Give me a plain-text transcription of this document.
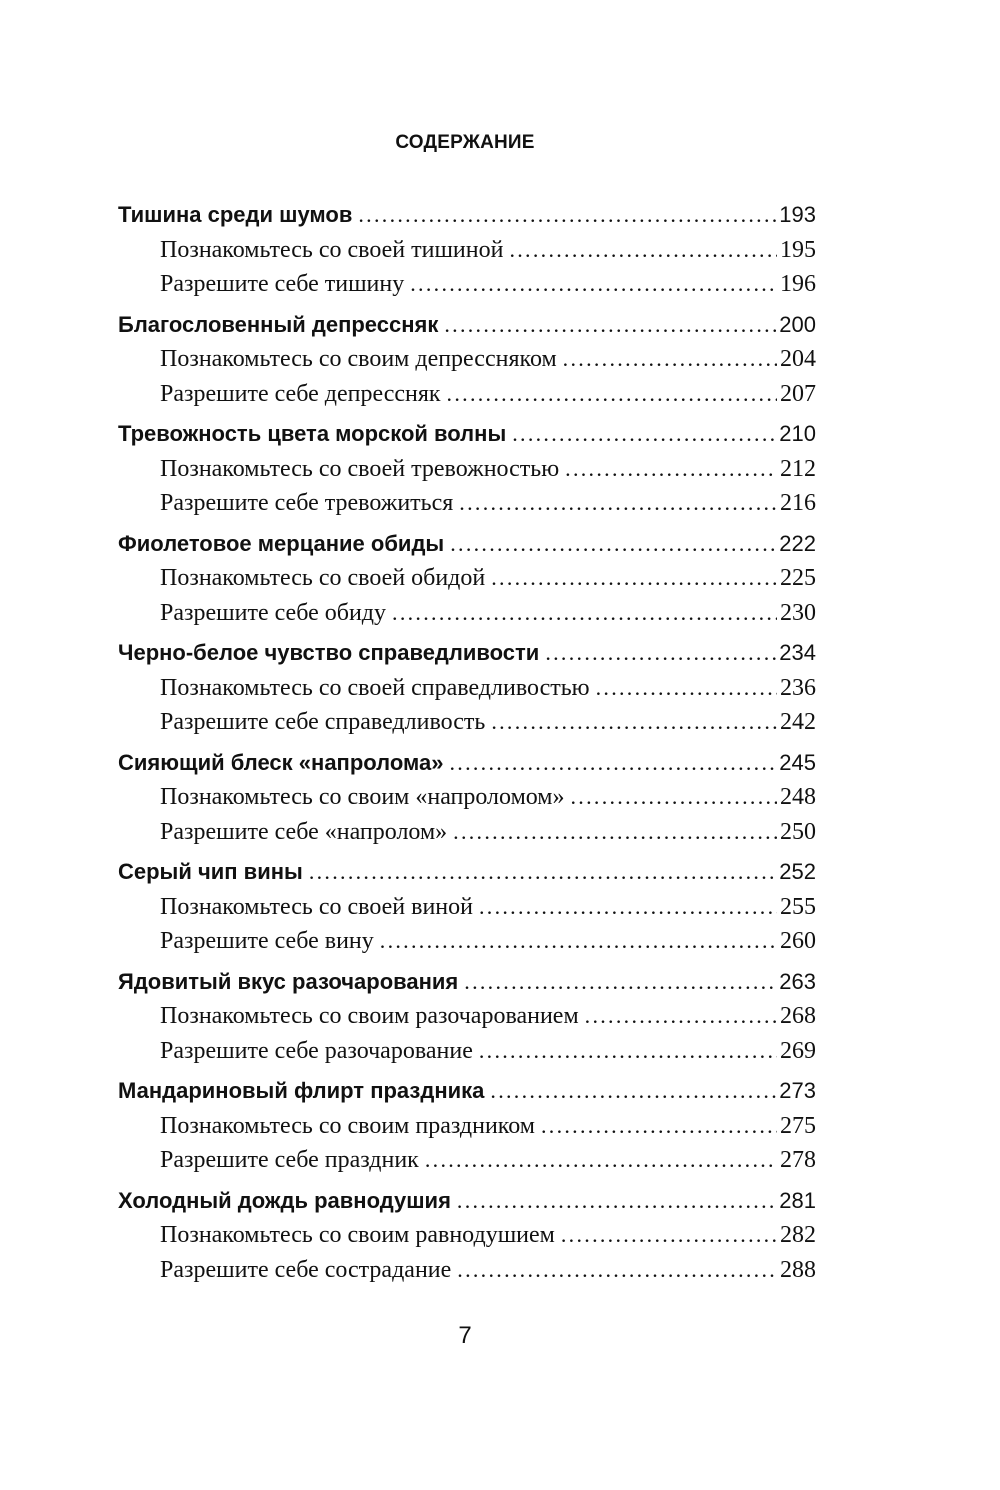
СОДЕРЖАНИЕ
Тишина среди шумов . . .	193
Познакомьтесь со своей тишиной . . .	195
Разрешите себе тишину . . .	196
Благословенный депрессняк . . .	200
Познакомьтесь со своим депрессняком . . .	204
Разрешите себе депрессняк . . .	207
Тревожность цвета морской волны . . .	210
Познакомьтесь со своей тревожностью . . .	212
Разрешите себе тревожиться . . .	216
Фиолетовое мерцание обиды . . .	222
Познакомьтесь со своей обидой . . .	225
Разрешите себе обиду . . .	230
Черно-белое чувство справедливости . . .	234
Познакомьтесь со своей справедливостью . . .	236
Разрешите себе справедливость . . .	242
Сияющий блеск «напролома» . . .	245
Познакомьтесь со своим «напроломом» . . .	248
Разрешите себе «напролом» . . .	250
Серый чип вины . . .	252
Познакомьтесь со своей виной . . .	255
Разрешите себе вину . . .	260
Ядовитый вкус разочарования . . .	263
Познакомьтесь со своим разочарованием . . .	268
Разрешите себе разочарование . . .	269
Мандариновый флирт праздника . . .	273
Познакомьтесь со своим праздником . . .	275
Разрешите себе праздник . . .	278
Холодный дождь равнодушия . . .	281
Познакомьтесь со своим равнодушием . . .	282
Разрешите себе сострадание . . .	288
7
